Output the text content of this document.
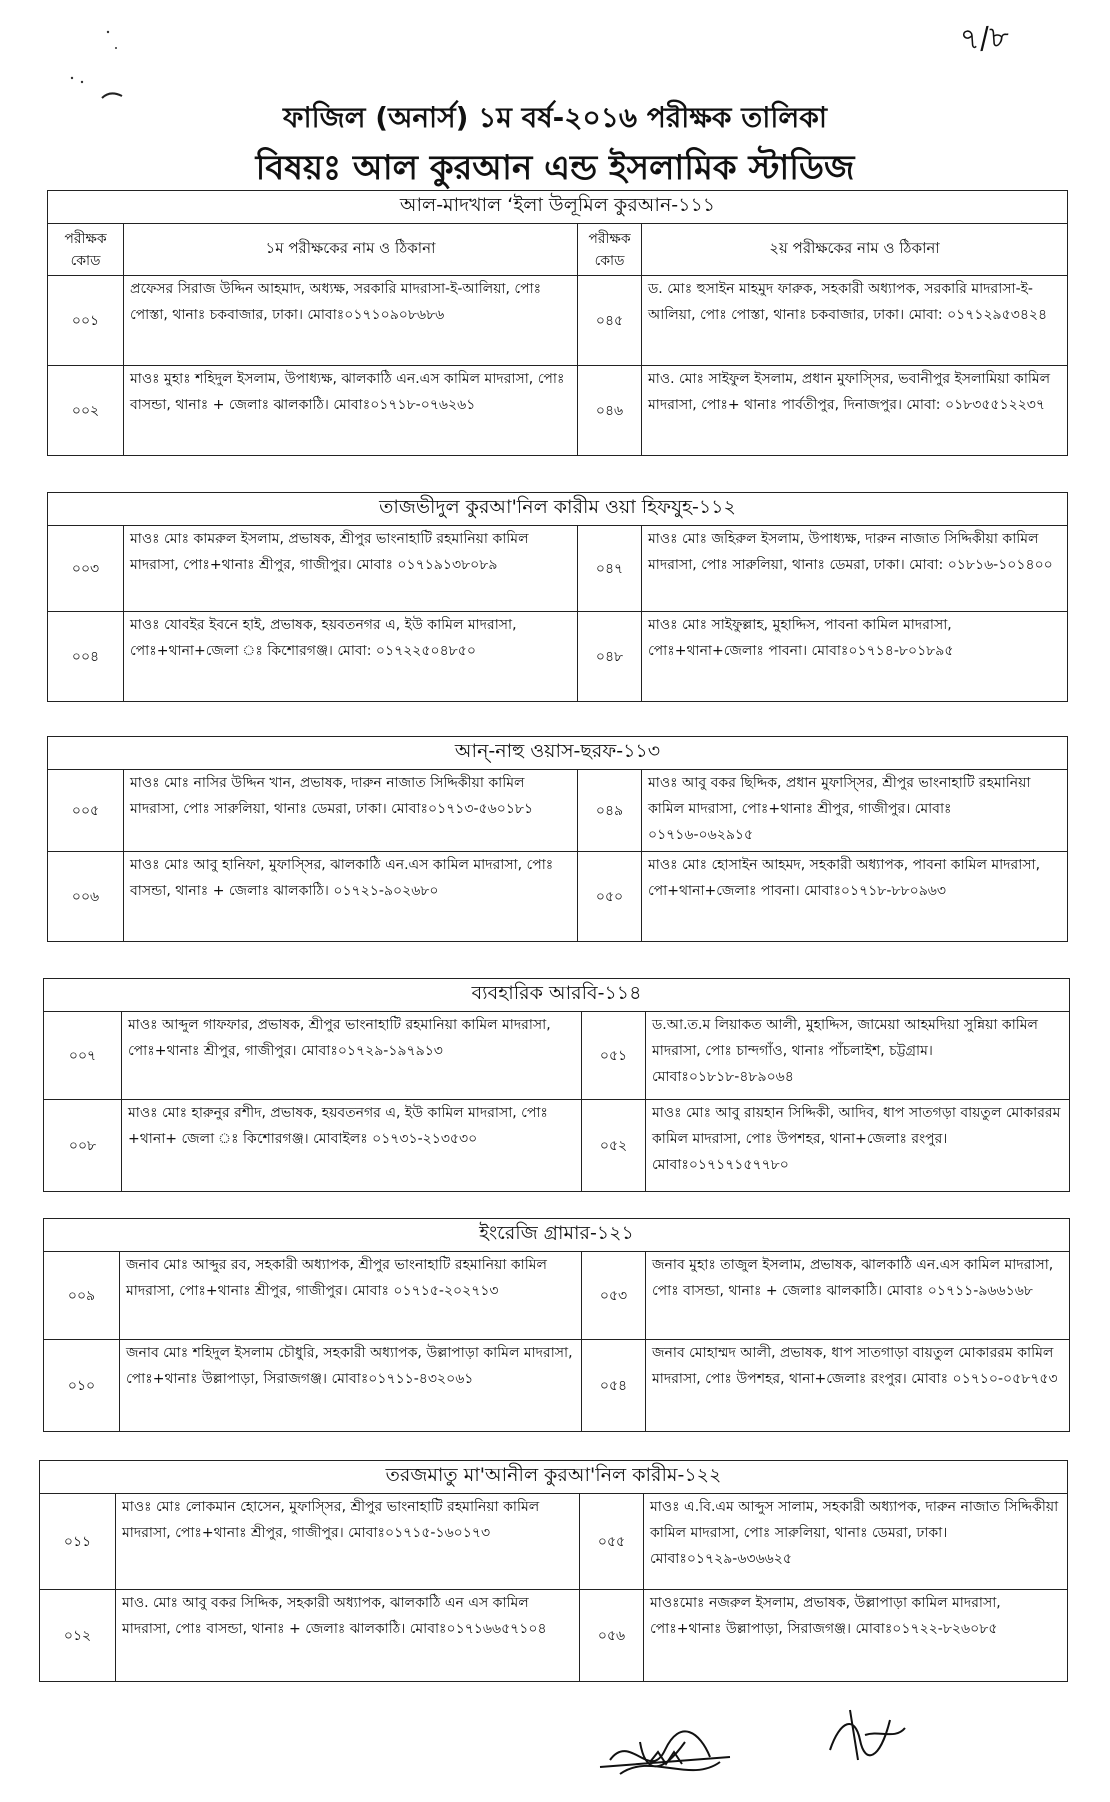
৭/৮
ফাজিল (অনার্স) ১ম বর্ষ-২০১৬ পরীক্ষক তালিকা
বিষয়ঃ আল কুরআন এন্ড ইসলামিক স্টাডিজ
আল-মাদখাল ‘ইলা উলূমিল কুরআন-১১১			
পরীক্ষক কোড	১ম পরীক্ষকের নাম ও ঠিকানা	পরীক্ষক কোড	২য় পরীক্ষকের নাম ও ঠিকানা
০০১	প্রফেসর সিরাজ উদ্দিন আহমাদ, অধ্যক্ষ, সরকারি মাদরাসা-ই-আলিয়া, পোঃ পোস্তা, থানাঃ চকবাজার, ঢাকা। মোবাঃ০১৭১০৯০৮৬৮৬	০৪৫	ড. মোঃ হুসাইন মাহমুদ ফারুক, সহকারী অধ্যাপক, সরকারি মাদরাসা-ই-আলিয়া, পোঃ পোস্তা, থানাঃ চকবাজার, ঢাকা। মোবা: ০১৭১২৯৫৩৪২৪
০০২	মাওঃ মুহাঃ শহিদুল ইসলাম, উপাধ্যক্ষ, ঝালকাঠি এন.এস কামিল মাদরাসা, পোঃ বাসন্ডা, থানাঃ + জেলাঃ ঝালকাঠি। মোবাঃ০১৭১৮-০৭৬২৬১	০৪৬	মাও. মোঃ সাইফুল ইসলাম, প্রধান মুফাস্সির, ভবানীপুর ইসলামিয়া কামিল মাদরাসা, পোঃ+ থানাঃ পার্বতীপুর, দিনাজপুর। মোবা: ০১৮৩৫৫১২২৩৭
তাজভীদুল কুরআ'নিল কারীম ওয়া হিফযুহ-১১২			
০০৩	মাওঃ মোঃ কামরুল ইসলাম, প্রভাষক, শ্রীপুর ভাংনাহাটি রহমানিয়া কামিল মাদরাসা, পোঃ+থানাঃ শ্রীপুর, গাজীপুর। মোবাঃ ০১৭১৯১৩৮০৮৯	০৪৭	মাওঃ মোঃ জহিরুল ইসলাম, উপাধ্যক্ষ, দারুন নাজাত সিদ্দিকীয়া কামিল মাদরাসা, পোঃ সারুলিয়া, থানাঃ ডেমরা, ঢাকা। মোবা: ০১৮১৬-১০১৪০০
০০৪	মাওঃ যোবইর ইবনে হাই, প্রভাষক, হয়বতনগর এ, ইউ কামিল মাদরাসা, পোঃ+থানা+জেলা ঃ কিশোরগঞ্জ। মোবা: ০১৭২২৫০৪৮৫০	০৪৮	মাওঃ মোঃ সাইফুল্লাহ, মুহাদ্দিস, পাবনা কামিল মাদরাসা, পোঃ+থানা+জেলাঃ পাবনা। মোবাঃ০১৭১৪-৮০১৮৯৫
আন্-নাহু ওয়াস-ছরফ-১১৩			
০০৫	মাওঃ মোঃ নাসির উদ্দিন খান, প্রভাষক, দারুন নাজাত সিদ্দিকীয়া কামিল মাদরাসা, পোঃ সারুলিয়া, থানাঃ ডেমরা, ঢাকা। মোবাঃ০১৭১৩-৫৬০১৮১	০৪৯	মাওঃ আবু বকর ছিদ্দিক, প্রধান মুফাস্সির, শ্রীপুর ভাংনাহাটি রহমানিয়া কামিল মাদরাসা, পোঃ+থানাঃ শ্রীপুর, গাজীপুর। মোবাঃ ০১৭১৬-০৬২৯১৫
০০৬	মাওঃ মোঃ আবু হানিফা, মুফাস্সির, ঝালকাঠি এন.এস কামিল মাদরাসা, পোঃ বাসন্ডা, থানাঃ + জেলাঃ ঝালকাঠি। ০১৭২১-৯০২৬৮০	০৫০	মাওঃ মোঃ হোসাইন আহমদ, সহকারী অধ্যাপক, পাবনা কামিল মাদরাসা, পো+থানা+জেলাঃ পাবনা। মোবাঃ০১৭১৮-৮৮০৯৬৩
ব্যবহারিক আরবি-১১৪			
০০৭	মাওঃ আব্দুল গাফফার, প্রভাষক, শ্রীপুর ভাংনাহাটি রহমানিয়া কামিল মাদরাসা, পোঃ+থানাঃ শ্রীপুর, গাজীপুর। মোবাঃ০১৭২৯-১৯৭৯১৩	০৫১	ড.আ.ত.ম লিয়াকত আলী, মুহাদ্দিস, জামেয়া আহমদিয়া সুন্নিয়া কামিল মাদরাসা, পোঃ চান্দগাঁও, থানাঃ পাঁচলাইশ, চট্টগ্রাম। মোবাঃ০১৮১৮-৪৮৯০৬৪
০০৮	মাওঃ মোঃ হারুনুর রশীদ, প্রভাষক, হয়বতনগর এ, ইউ কামিল মাদরাসা, পোঃ +থানা+ জেলা ঃ কিশোরগঞ্জ। মোবাইলঃ ০১৭৩১-২১৩৫৩০	০৫২	মাওঃ মোঃ আবু রায়হান সিদ্দিকী, আদিব, ধাপ সাতগড়া বায়তুল মোকাররম কামিল মাদরাসা, পোঃ উপশহর, থানা+জেলাঃ রংপুর। মোবাঃ০১৭১৭১৫৭৭৮০
ইংরেজি গ্রামার-১২১			
০০৯	জনাব মোঃ আব্দুর রব, সহকারী অধ্যাপক, শ্রীপুর ভাংনাহাটি রহমানিয়া কামিল মাদরাসা, পোঃ+থানাঃ শ্রীপুর, গাজীপুর। মোবাঃ ০১৭১৫-২০২৭১৩	০৫৩	জনাব মুহাঃ তাজুল ইসলাম, প্রভাষক, ঝালকাঠি এন.এস কামিল মাদরাসা, পোঃ বাসন্ডা, থানাঃ + জেলাঃ ঝালকাঠি। মোবাঃ ০১৭১১-৯৬৬১৬৮
০১০	জনাব মোঃ শহিদুল ইসলাম চৌধুরি, সহকারী অধ্যাপক, উল্লাপাড়া কামিল মাদরাসা, পোঃ+থানাঃ উল্লাপাড়া, সিরাজগঞ্জ। মোবাঃ০১৭১১-৪৩২০৬১	০৫৪	জনাব মোহাম্মদ আলী, প্রভাষক, ধাপ সাতগাড়া বায়তুল মোকাররম কামিল মাদরাসা, পোঃ উপশহর, থানা+জেলাঃ রংপুর। মোবাঃ ০১৭১০-০৫৮৭৫৩
তরজমাতু মা'আনীল কুরআ'নিল কারীম-১২২			
০১১	মাওঃ মোঃ লোকমান হোসেন, মুফাস্সির, শ্রীপুর ভাংনাহাটি রহমানিয়া কামিল মাদরাসা, পোঃ+থানাঃ শ্রীপুর, গাজীপুর। মোবাঃ০১৭১৫-১৬০১৭৩	০৫৫	মাওঃ এ.বি.এম আব্দুস সালাম, সহকারী অধ্যাপক, দারুন নাজাত সিদ্দিকীয়া কামিল মাদরাসা, পোঃ সারুলিয়া, থানাঃ ডেমরা, ঢাকা। মোবাঃ০১৭২৯-৬৩৬৬২৫
০১২	মাও. মোঃ আবু বকর সিদ্দিক, সহকারী অধ্যাপক, ঝালকাঠি এন এস কামিল মাদরাসা, পোঃ বাসন্ডা, থানাঃ + জেলাঃ ঝালকাঠি। মোবাঃ০১৭১৬৬৫৭১০৪	০৫৬	মাওঃমোঃ নজরুল ইসলাম, প্রভাষক, উল্লাপাড়া কামিল মাদরাসা, পোঃ+থানাঃ উল্লাপাড়া, সিরাজগঞ্জ। মোবাঃ০১৭২২-৮২৬০৮৫
